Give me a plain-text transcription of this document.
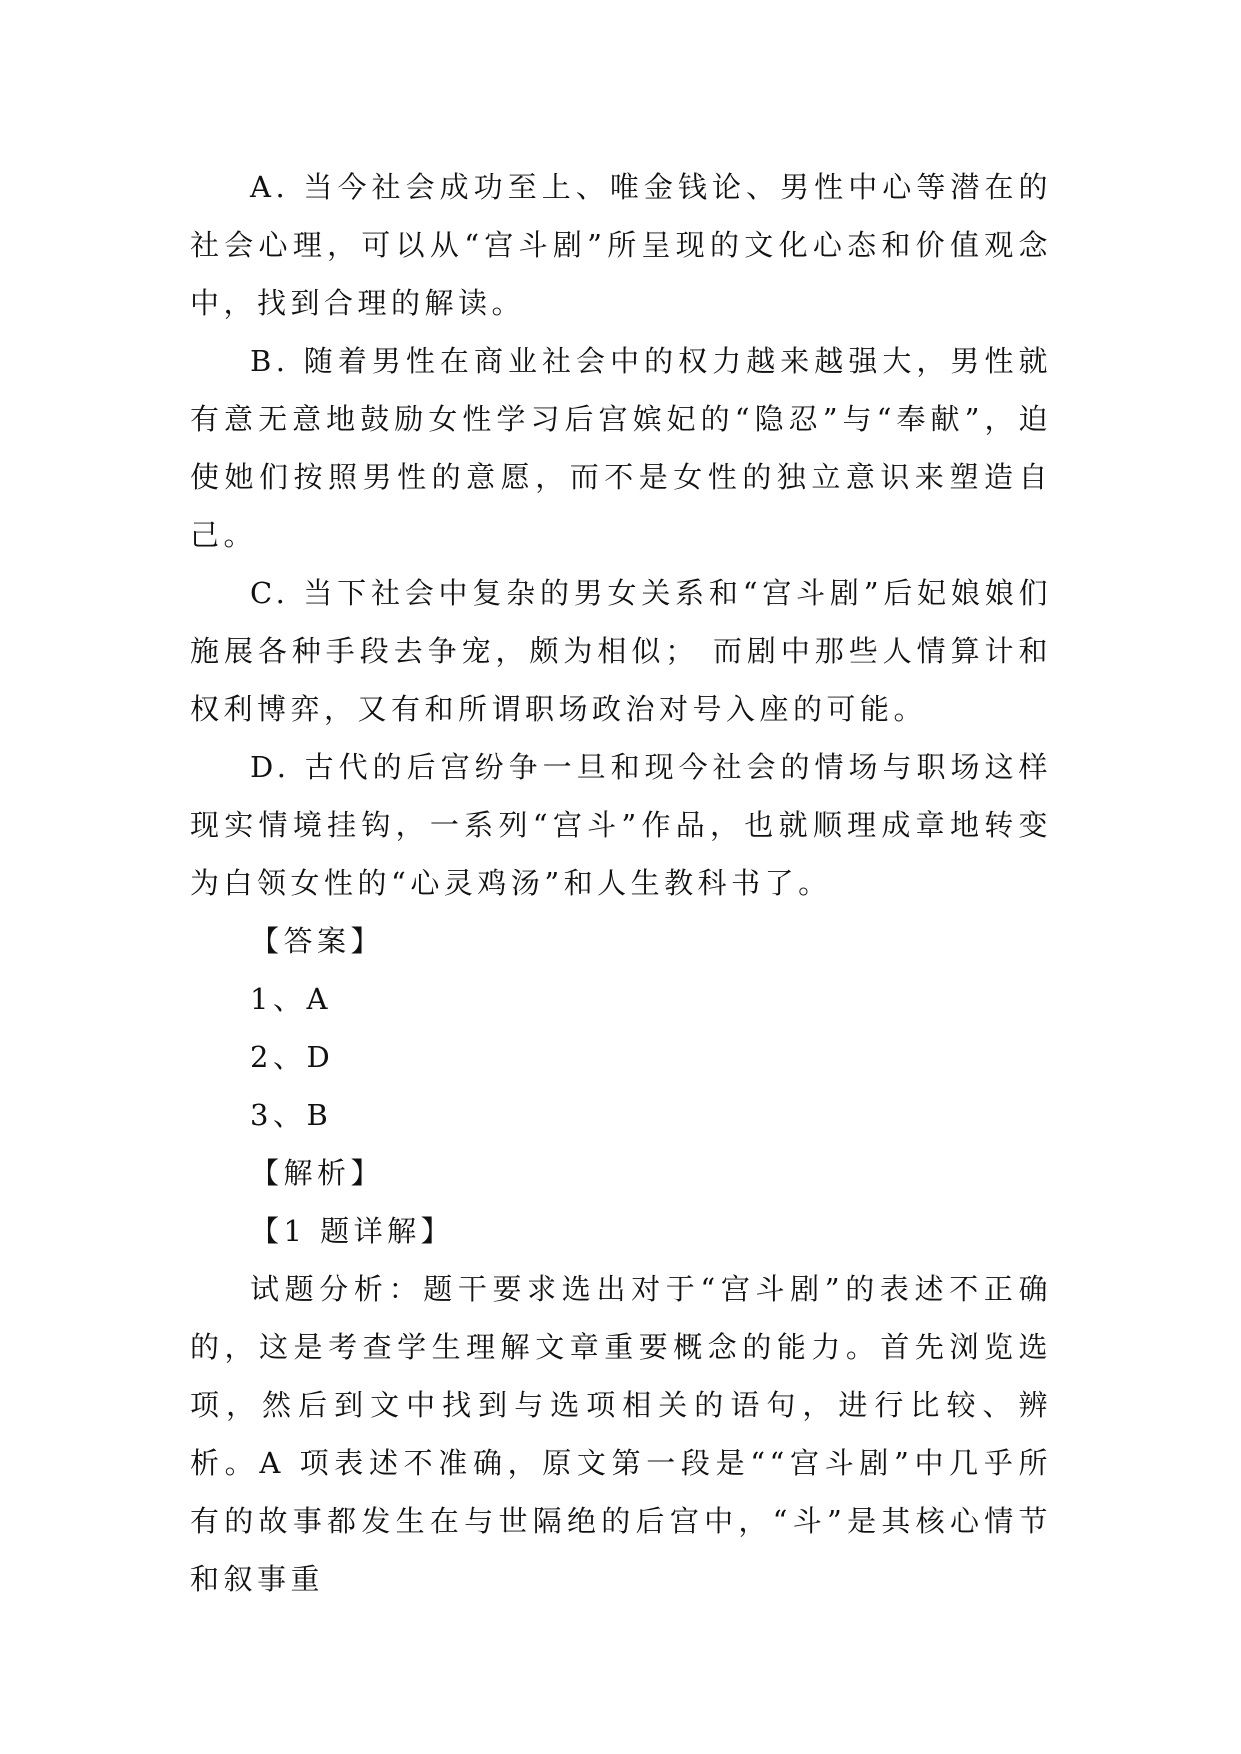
A. 当今社会成功至上、唯金钱论、男性中心等潜在的社会心理，可以从“宫斗剧”所呈现的文化心态和价值观念中，找到合理的解读。

B. 随着男性在商业社会中的权力越来越强大，男性就有意无意地鼓励女性学习后宫嫔妃的“隐忍”与“奉献”，迫使她们按照男性的意愿，而不是女性的独立意识来塑造自己。

C. 当下社会中复杂的男女关系和“宫斗剧”后妃娘娘们施展各种手段去争宠，颇为相似； 而剧中那些人情算计和权利博弈，又有和所谓职场政治对号入座的可能。

D. 古代的后宫纷争一旦和现今社会的情场与职场这样现实情境挂钩，一系列“宫斗”作品，也就顺理成章地转变为白领女性的“心灵鸡汤”和人生教科书了。

【答案】

1、A

2、D

3、B

【解析】

【1 题详解】

试题分析：题干要求选出对于“宫斗剧”的表述不正确的，这是考查学生理解文章重要概念的能力。首先浏览选项，然后到文中找到与选项相关的语句，进行比较、辨析。A 项表述不准确，原文第一段是““宫斗剧”中几乎所有的故事都发生在与世隔绝的后宫中，“斗”是其核心情节和叙事重
